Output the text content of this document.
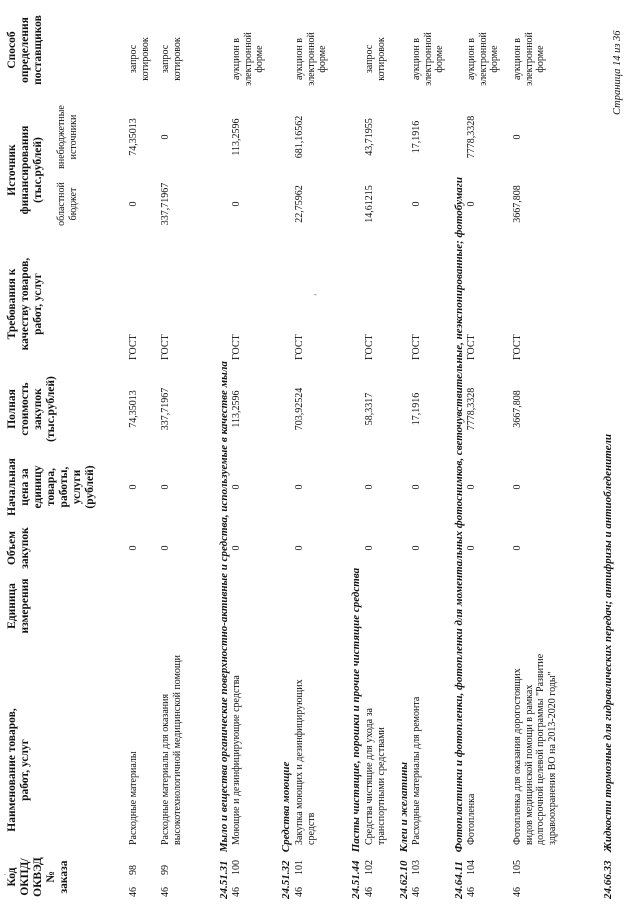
.
-
Код ОКПД/ ОКВЭД № заказа
Наименование товаров, работ, услуг
Единица измерения
Объем закупок
Начальная цена за единицу товара, работы, услуги (рублей)
Полная стоимость закупок (тыс.рублей)
Требования к качеству товаров, работ, услуг
Источник финансирования (тыс.рублей)
областной бюджет
внебюджетные источники
Способ определения поставщиков
46
98
Расходные материалы
0
0
74,35013
ГОСТ
0
74,35013
запрос котировок
46
99
Расходные материалы для оказания высокотехнологичной медицинской помощи
0
0
337,71967
ГОСТ
337,71967
0
запрос котировок
24.51.31 Мыло и вещества органические поверхностно-активные и средства, используемые в качестве мыла
46
100
Моющие и дезинфицирующие средства
0
0
113,2596
ГОСТ
0
113,2596
аукцион в электронной форме
24.51.32 Средства моющие
46
101
Закупка моющих и дезинфицирующих средств
0
0
703,92524
ГОСТ
22,75962
681,16562
аукцион в электронной форме
24.51.44 Пасты чистящие, порошки и прочие чистящие средства
46
102
Средства чистящие для ухода за транспортными средствами
0
0
58,3317
ГОСТ
14,61215
43,71955
запрос котировок
24.62.10 Клеи и желатины
46
103
Расходные материалы для ремонта
0
0
17,1916
ГОСТ
0
17,1916
аукцион в электронной форме
24.64.11 Фотопластинки и фотопленки, фотопленки для моментальных фотоснимков, светочувствительные, неэкспонированные; фотобумаги
46
104
Фотопленка
0
0
7778,3328
ГОСТ
0
7778,3328
аукцион в электронной форме
46
105
Фотопленка для оказания дорогостоящих видов медицинской помощи в рамках долгосрочной целевой программы "Развитие здравоохранения ВО на 2013-2020 годы"
0
0
3667,808
ГОСТ
3667,808
0
аукцион в электронной форме
24.66.33 Жидкости тормозные для гидравлических передач; антифризы и антиобледенители
Страница 14 из 36
